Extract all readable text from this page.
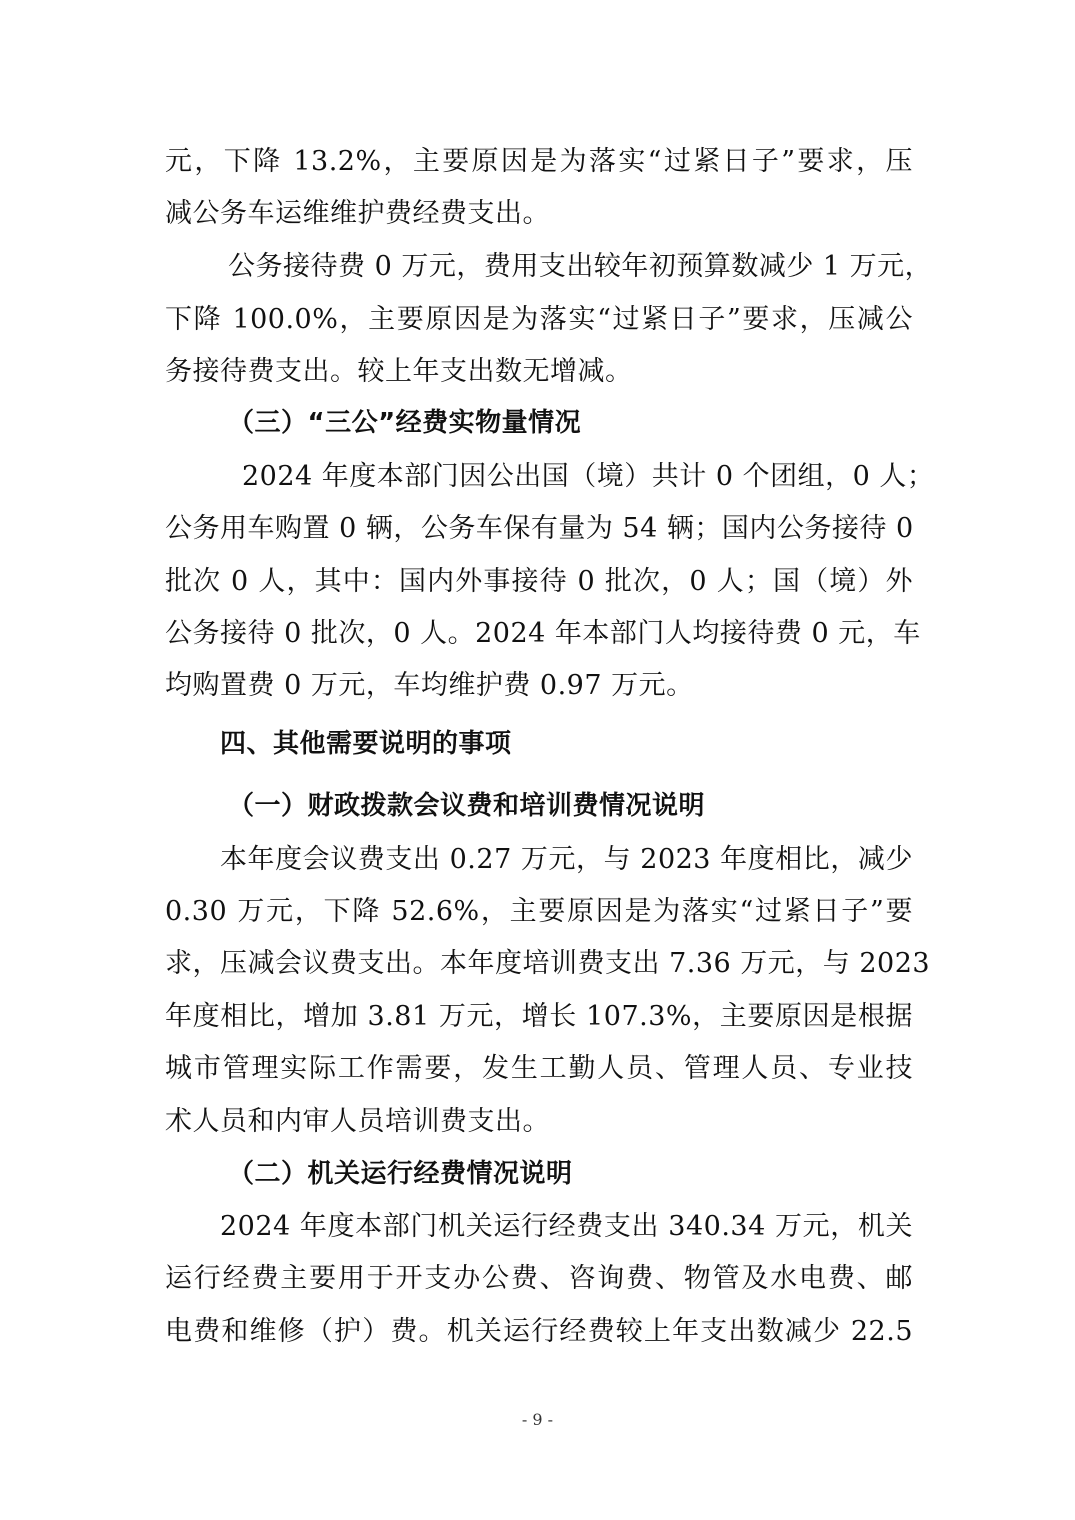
元，下降 13.2%，主要原因是为落实“过紧日子”要求，压
减公务车运维维护费经费支出。
公务接待费 0 万元，费用支出较年初预算数减少 1 万元，
下降 100.0%，主要原因是为落实“过紧日子”要求，压减公
务接待费支出。较上年支出数无增减。
（三）“三公”经费实物量情况
2024 年度本部门因公出国（境）共计 0 个团组，0 人；
公务用车购置 0 辆，公务车保有量为 54 辆；国内公务接待 0
批次 0 人，其中：国内外事接待 0 批次，0 人；国（境）外
公务接待 0 批次，0 人。2024 年本部门人均接待费 0 元，车
均购置费 0 万元，车均维护费 0.97 万元。
四、其他需要说明的事项
（一）财政拨款会议费和培训费情况说明
本年度会议费支出 0.27 万元，与 2023 年度相比，减少
0.30 万元，下降 52.6%，主要原因是为落实“过紧日子”要
求，压减会议费支出。本年度培训费支出 7.36 万元，与 2023
年度相比，增加 3.81 万元，增长 107.3%，主要原因是根据
城市管理实际工作需要，发生工勤人员、管理人员、专业技
术人员和内审人员培训费支出。
（二）机关运行经费情况说明
2024 年度本部门机关运行经费支出 340.34 万元，机关
运行经费主要用于开支办公费、咨询费、物管及水电费、邮
电费和维修（护）费。机关运行经费较上年支出数减少 22.5
- 9 -
